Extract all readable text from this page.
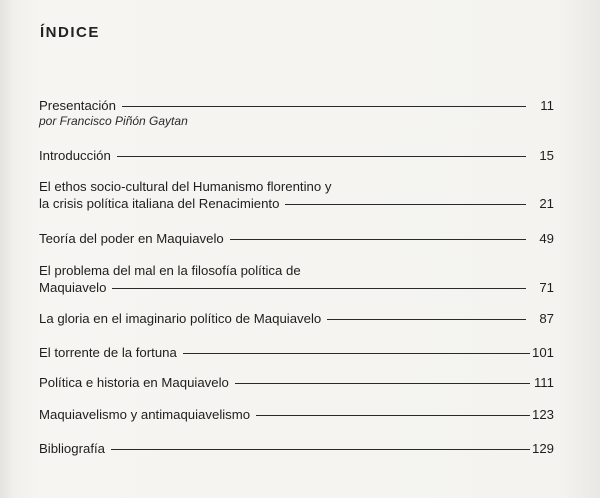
ÍNDICE
Presentación	11
por Francisco Piñón Gaytan
Introducción	15
El ethos socio-cultural del Humanismo florentino y
la crisis política italiana del Renacimiento	21
Teoría del poder en Maquiavelo	49
El problema del mal en la filosofía política de
Maquiavelo	71
La gloria en el imaginario político de Maquiavelo	87
El torrente de la fortuna	101
Política e historia en Maquiavelo	111
Maquiavelismo y antimaquiavelismo	123
Bibliografía	129
